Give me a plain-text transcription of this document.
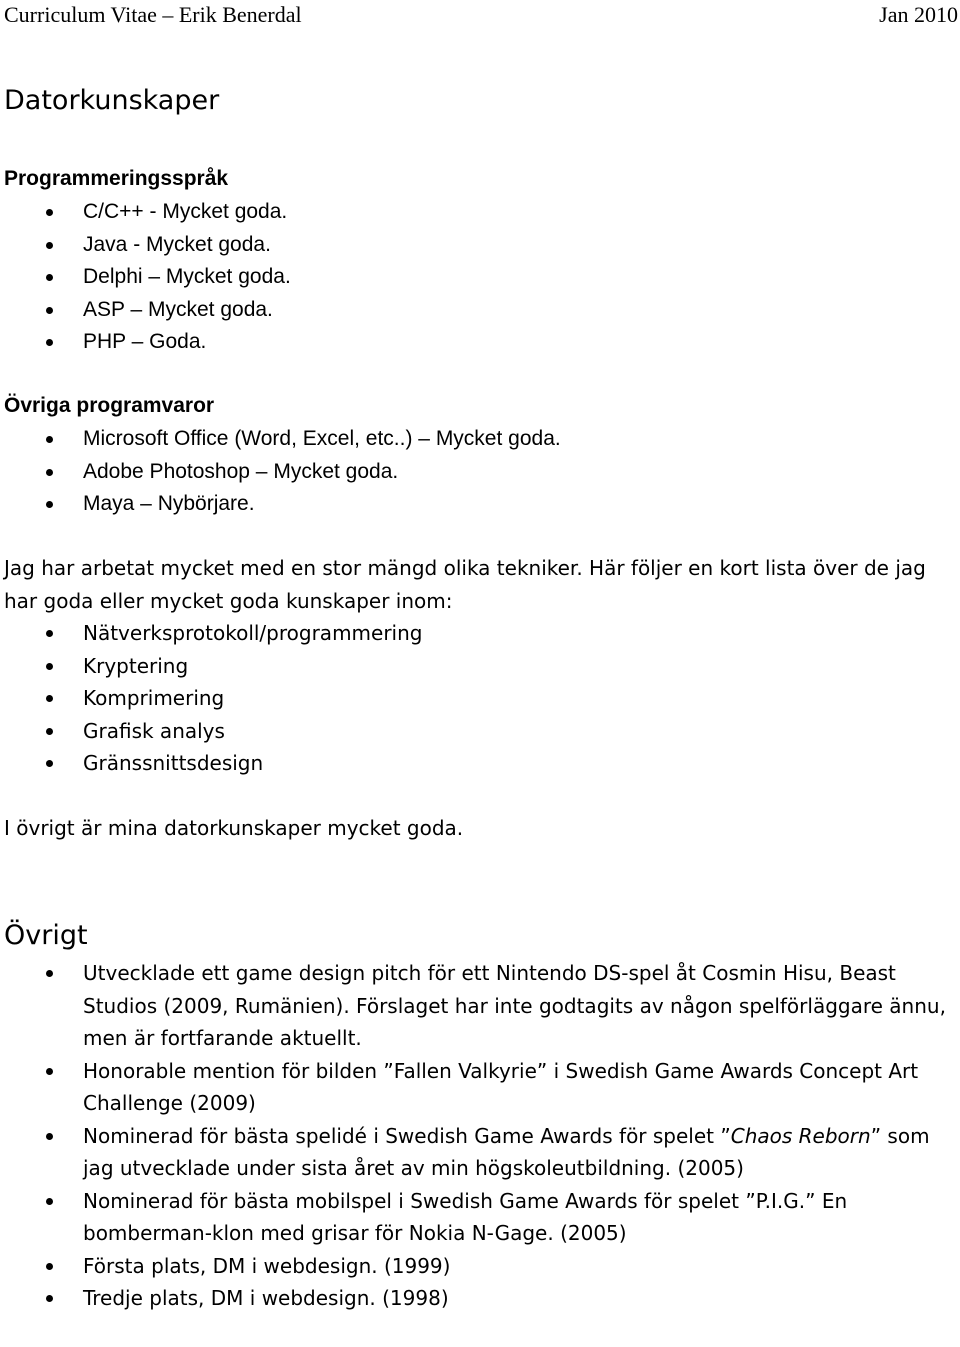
Curriculum Vitae – Erik Benerdal	Jan 2010
Datorkunskaper
Programmeringsspråk
C/C++ - Mycket goda.
Java - Mycket goda.
Delphi – Mycket goda.
ASP – Mycket goda.
PHP – Goda.
Övriga programvaror
Microsoft Office (Word, Excel, etc..) – Mycket goda.
Adobe Photoshop – Mycket goda.
Maya – Nybörjare.

Jag har arbetat mycket med en stor mängd olika tekniker. Här följer en kort lista över de jag har goda eller mycket goda kunskaper inom:

Nätverksprotokoll/programmering
Kryptering
Komprimering
Grafisk analys
Gränssnittsdesign

I övrigt är mina datorkunskaper mycket goda.

Övrigt
Utvecklade ett game design pitch för ett Nintendo DS-spel åt Cosmin Hisu, Beast Studios (2009, Rumänien). Förslaget har inte godtagits av någon spelförläggare ännu, men är fortfarande aktuellt.
Honorable mention för bilden ”Fallen Valkyrie” i Swedish Game Awards Concept Art Challenge (2009)
Nominerad för bästa spelidé i Swedish Game Awards för spelet ”Chaos Reborn” som jag utvecklade under sista året av min högskoleutbildning. (2005)
Nominerad för bästa mobilspel i Swedish Game Awards för spelet ”P.I.G.” En bomberman-klon med grisar för Nokia N-Gage. (2005)
Första plats, DM i webdesign. (1999)
Tredje plats, DM i webdesign. (1998)
